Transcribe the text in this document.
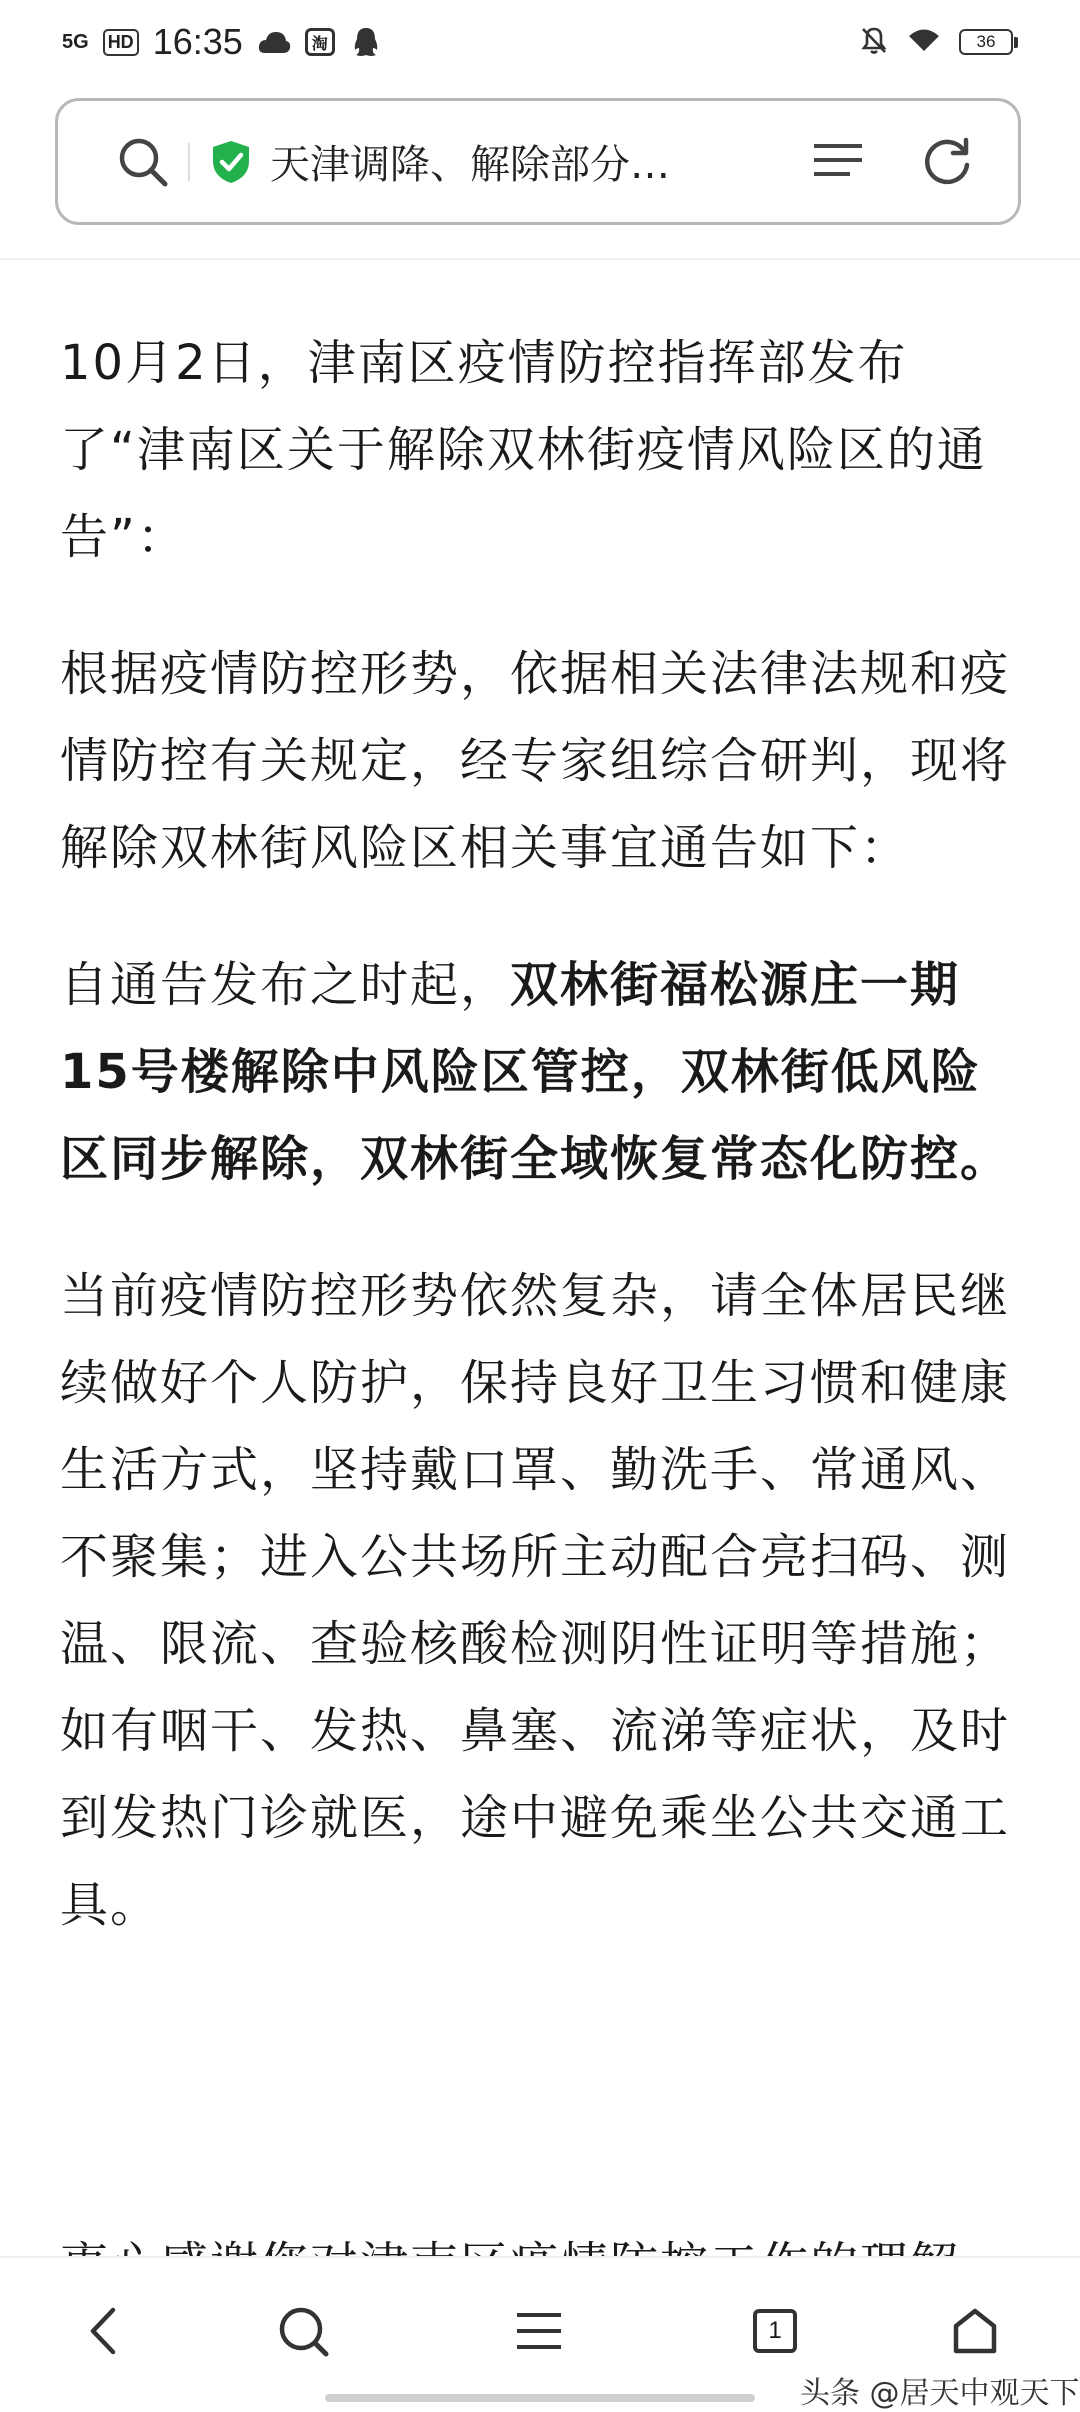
5G HD 16:35	淘	36
天津调降、解除部分…

10月2日，津南区疫情防控指挥部发布了“津南区关于解除双林街疫情风险区的通告”：

根据疫情防控形势，依据相关法律法规和疫情防控有关规定，经专家组综合研判，现将解除双林街风险区相关事宜通告如下：

自通告发布之时起，双林街福松源庄一期15号楼解除中风险区管控，双林街低风险区同步解除，双林街全域恢复常态化防控。

当前疫情防控形势依然复杂，请全体居民继续做好个人防护，保持良好卫生习惯和健康生活方式，坚持戴口罩、勤洗手、常通风、不聚集；进入公共场所主动配合亮扫码、测温、限流、查验核酸检测阴性证明等措施；如有咽干、发热、鼻塞、流涕等症状，及时到发热门诊就医，途中避免乘坐公共交通工具。

1
头条 @居天中观天下
